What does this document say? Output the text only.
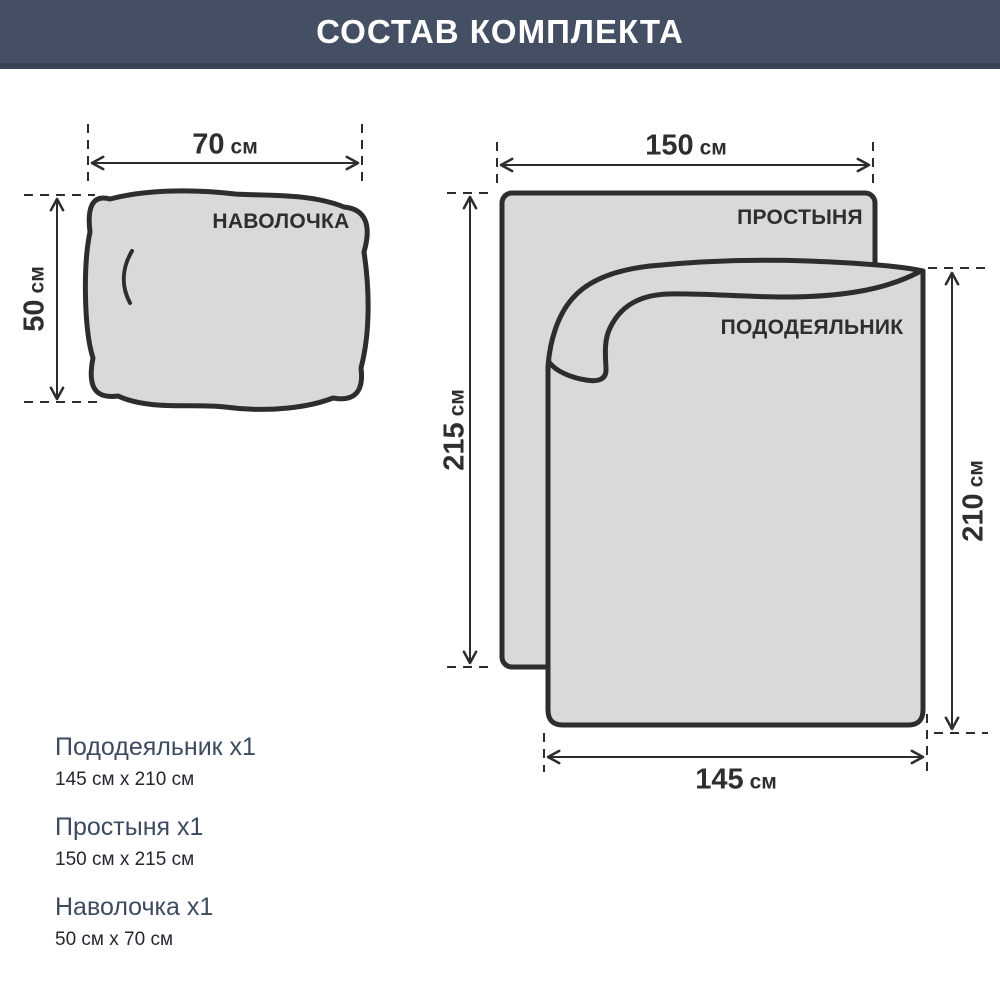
СОСТАВ КОМПЛЕКТА
НАВОЛОЧКА	ПРОСТЫНЯ
ПОДОДЕЯЛЬНИК
70 см
50
см
150 см
215
см
210
см
145 см
Пододеяльник х1
145 см х 210 см
Простыня х1
150 см х 215 см
Наволочка х1
50 см х 70 см
